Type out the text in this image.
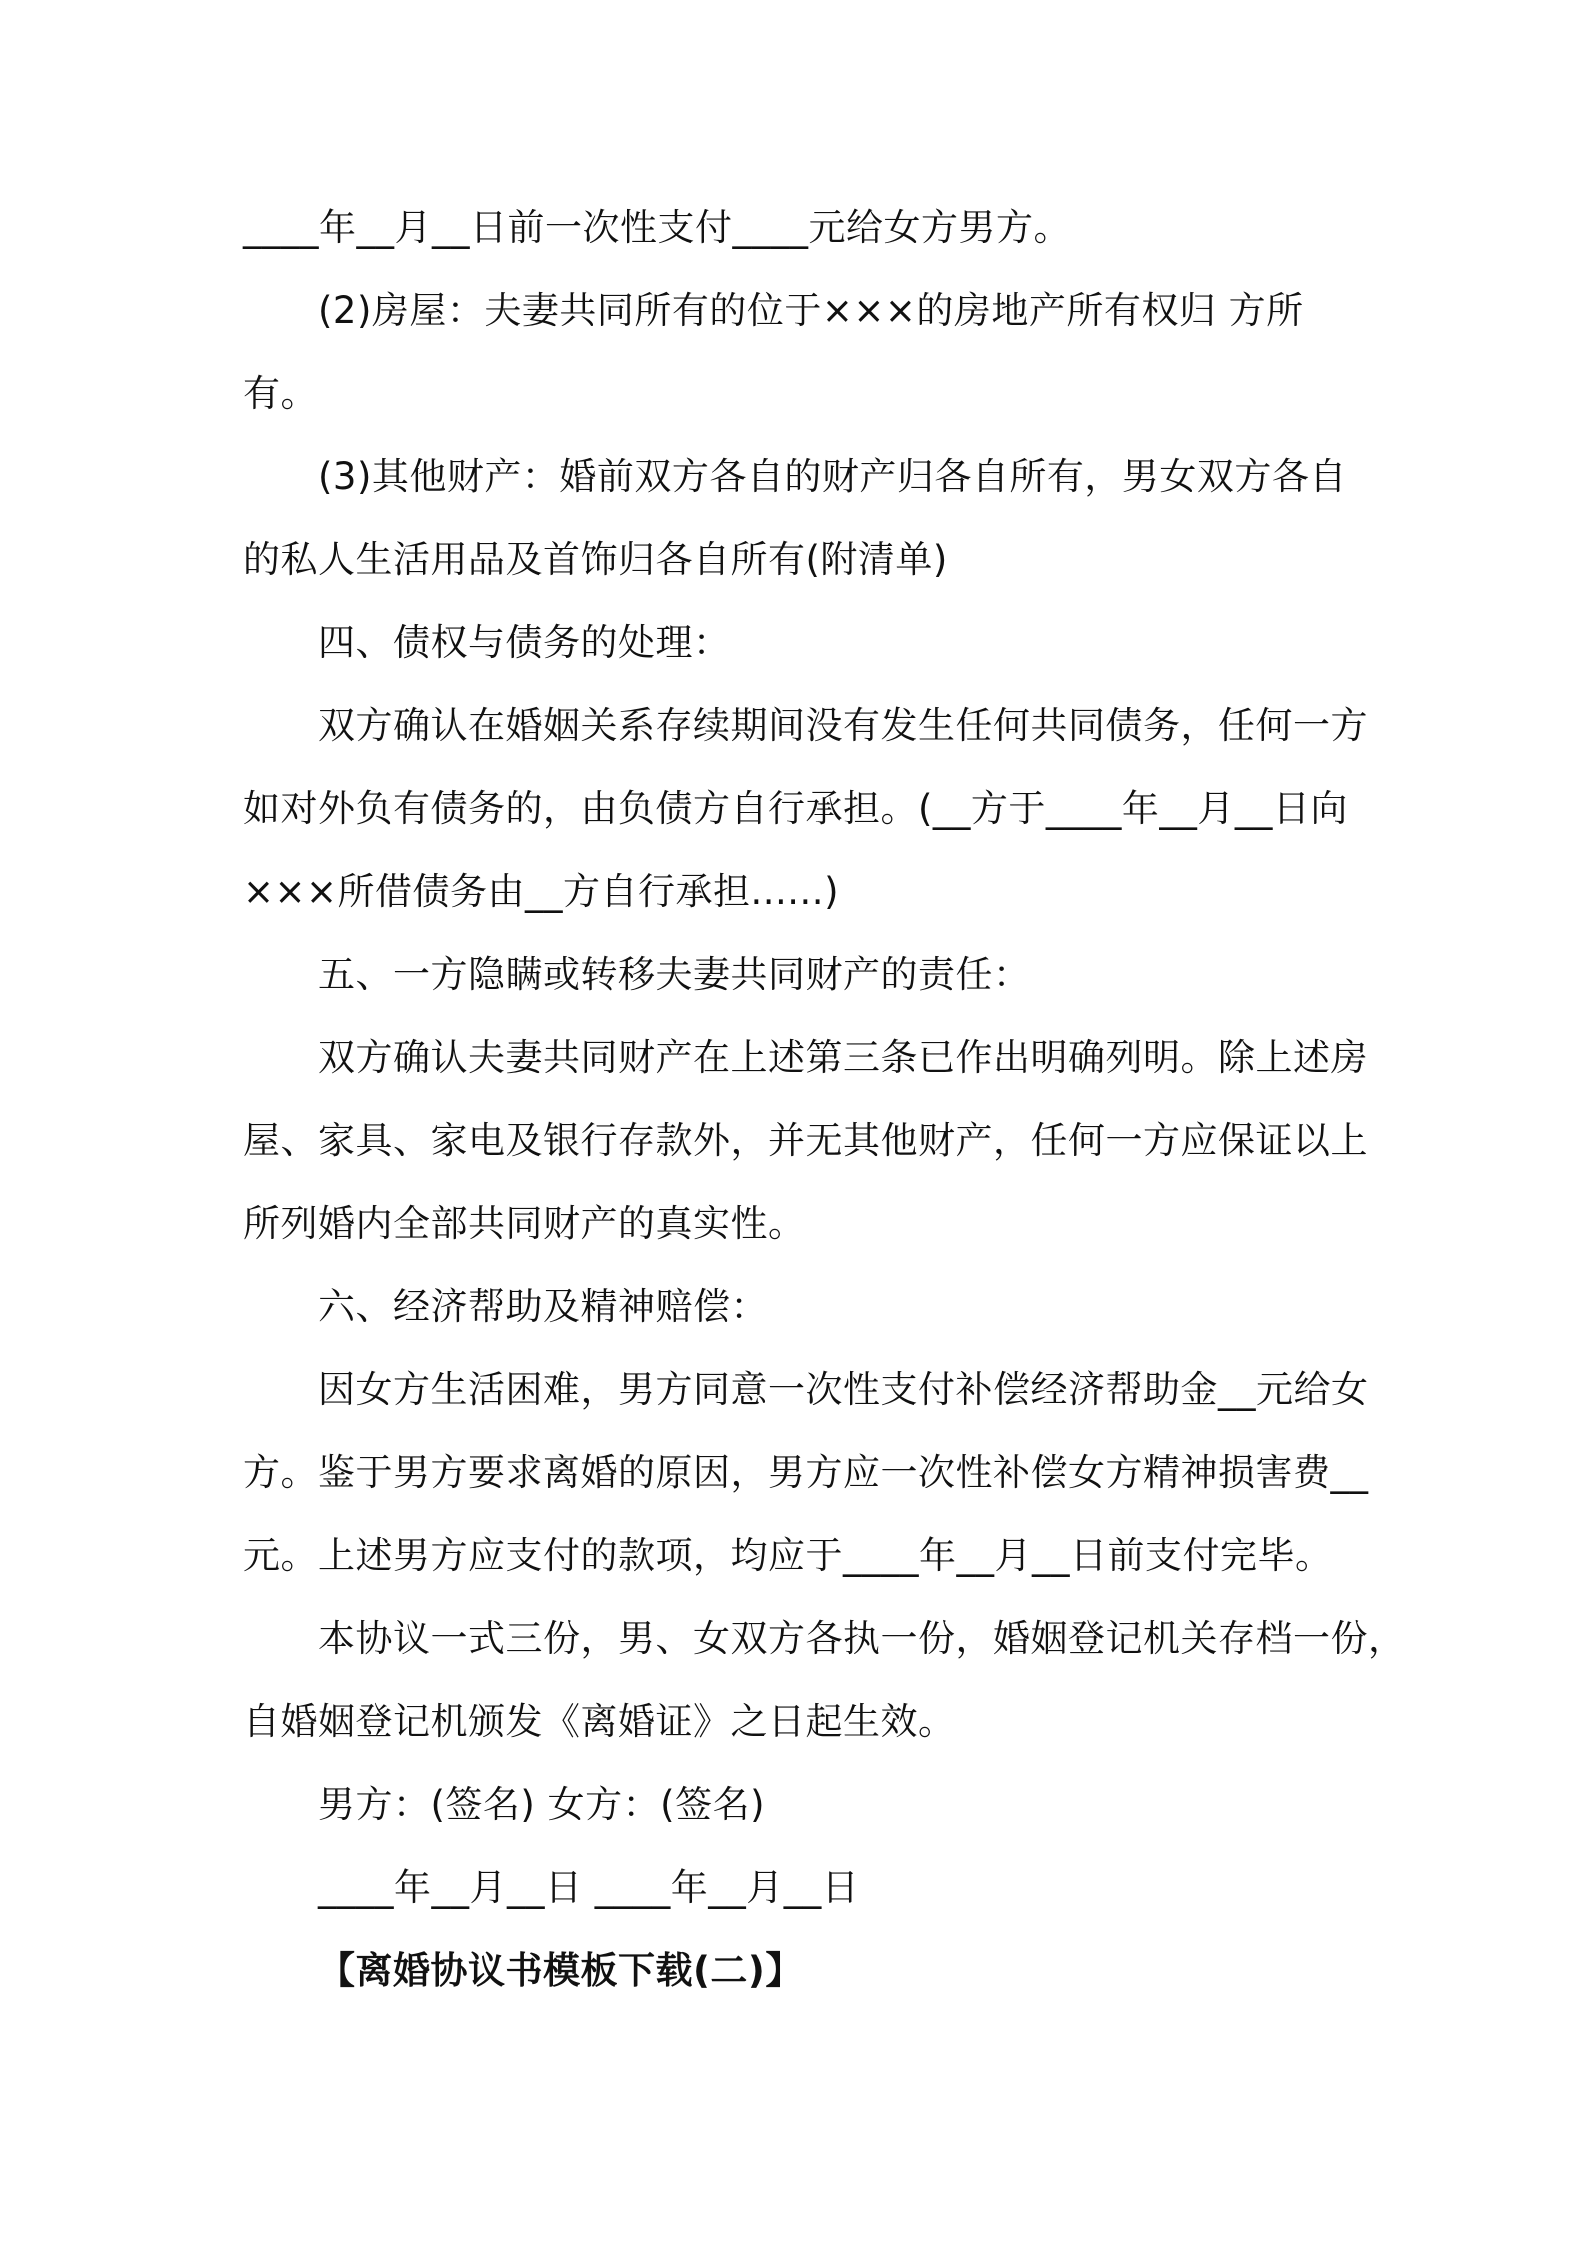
____年__月__日前一次性支付____元给女方男方。

(2)房屋：夫妻共同所有的位于×××的房地产所有权归 方所

有。

(3)其他财产：婚前双方各自的财产归各自所有，男女双方各自

的私人生活用品及首饰归各自所有(附清单)

四、债权与债务的处理：

双方确认在婚姻关系存续期间没有发生任何共同债务，任何一方

如对外负有债务的，由负债方自行承担。(__方于____年__月__日向

×××所借债务由__方自行承担......)

五、一方隐瞒或转移夫妻共同财产的责任：

双方确认夫妻共同财产在上述第三条已作出明确列明。除上述房

屋、家具、家电及银行存款外，并无其他财产，任何一方应保证以上

所列婚内全部共同财产的真实性。

六、经济帮助及精神赔偿：

因女方生活困难，男方同意一次性支付补偿经济帮助金__元给女

方。鉴于男方要求离婚的原因，男方应一次性补偿女方精神损害费__

元。上述男方应支付的款项，均应于____年__月__日前支付完毕。

本协议一式三份，男、女双方各执一份，婚姻登记机关存档一份，

自婚姻登记机颁发《离婚证》之日起生效。

男方：(签名) 女方：(签名)

____年__月__日 ____年__月__日

【离婚协议书模板下载(二)】
